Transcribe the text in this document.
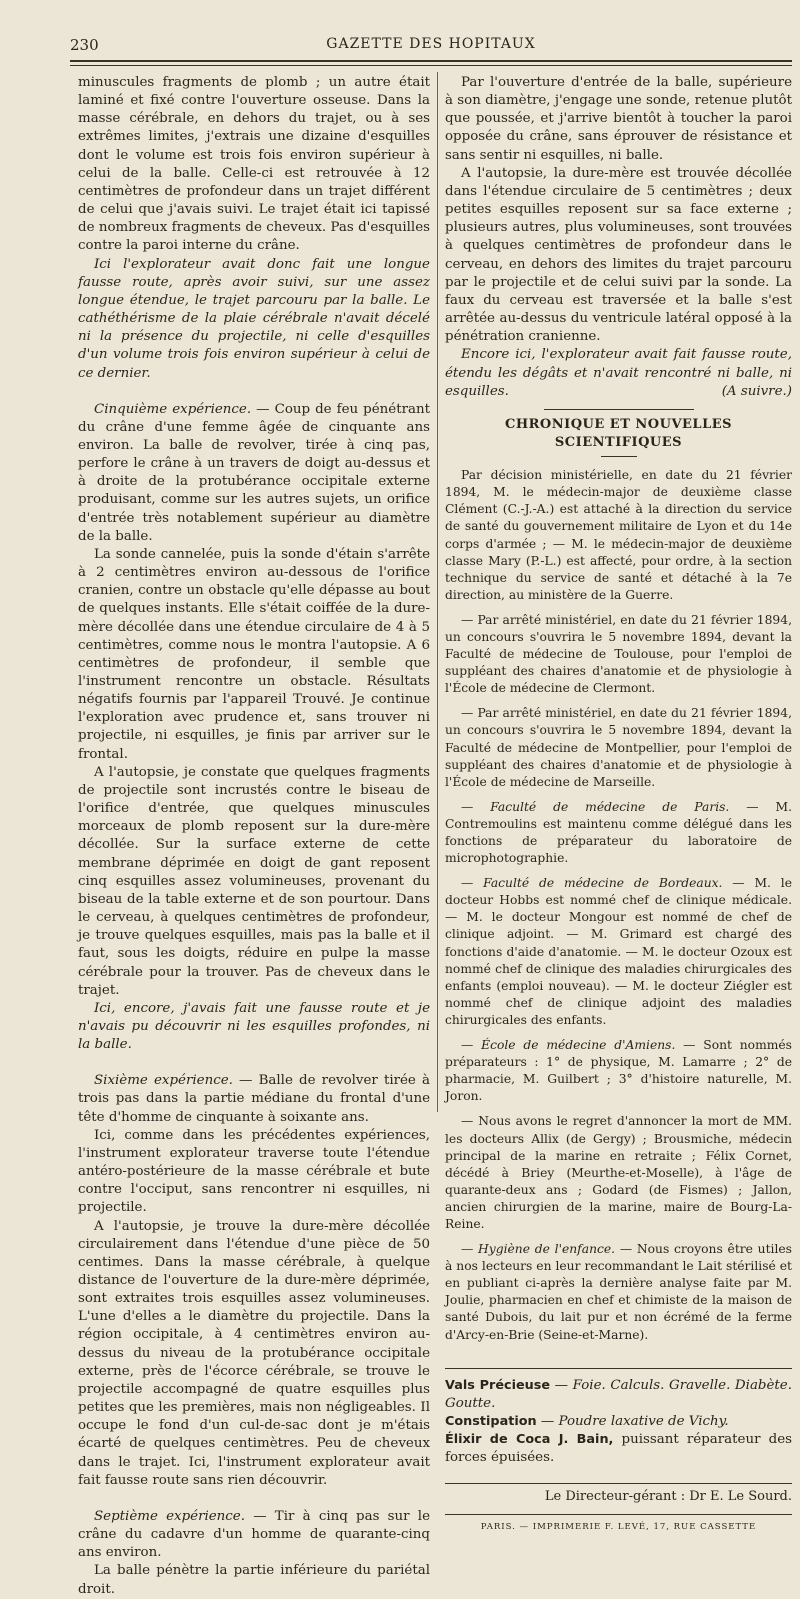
230	GAZETTE DES HOPITAUX

minuscules fragments de plomb ; un autre était laminé et fixé contre l'ouverture osseuse. Dans la masse cérébrale, en dehors du trajet, ou à ses extrêmes limites, j'extrais une dizaine d'esquilles dont le volume est trois fois environ supérieur à celui de la balle. Celle-ci est retrouvée à 12 centimètres de profondeur dans un trajet différent de celui que j'avais suivi. Le trajet était ici tapissé de nombreux fragments de cheveux. Pas d'esquilles contre la paroi interne du crâne.

Ici l'explorateur avait donc fait une longue fausse route, après avoir suivi, sur une assez longue étendue, le trajet parcouru par la balle. Le cathéthérisme de la plaie cérébrale n'avait décelé ni la présence du projectile, ni celle d'esquilles d'un volume trois fois environ supérieur à celui de ce dernier.

Cinquième expérience. — Coup de feu pénétrant du crâne d'une femme âgée de cinquante ans environ. La balle de revolver, tirée à cinq pas, perfore le crâne à un travers de doigt au-dessus et à droite de la protubérance occipitale externe produisant, comme sur les autres sujets, un orifice d'entrée très notablement supérieur au diamètre de la balle.

La sonde cannelée, puis la sonde d'étain s'arrête à 2 centimètres environ au-dessous de l'orifice cranien, contre un obstacle qu'elle dépasse au bout de quelques instants. Elle s'était coiffée de la dure-mère décollée dans une étendue circulaire de 4 à 5 centimètres, comme nous le montra l'autopsie. A 6 centimètres de profondeur, il semble que l'instrument rencontre un obstacle. Résultats négatifs fournis par l'appareil Trouvé. Je continue l'exploration avec prudence et, sans trouver ni projectile, ni esquilles, je finis par arriver sur le frontal.

A l'autopsie, je constate que quelques fragments de projectile sont incrustés contre le biseau de l'orifice d'entrée, que quelques minuscules morceaux de plomb reposent sur la dure-mère décollée. Sur la surface externe de cette membrane déprimée en doigt de gant reposent cinq esquilles assez volumineuses, provenant du biseau de la table externe et de son pourtour. Dans le cerveau, à quelques centimètres de profondeur, je trouve quelques esquilles, mais pas la balle et il faut, sous les doigts, réduire en pulpe la masse cérébrale pour la trouver. Pas de cheveux dans le trajet.

Ici, encore, j'avais fait une fausse route et je n'avais pu découvrir ni les esquilles profondes, ni la balle.

Sixième expérience. — Balle de revolver tirée à trois pas dans la partie médiane du frontal d'une tête d'homme de cinquante à soixante ans.

Ici, comme dans les précédentes expériences, l'instrument explorateur traverse toute l'étendue antéro-postérieure de la masse cérébrale et bute contre l'occiput, sans rencontrer ni esquilles, ni projectile.

A l'autopsie, je trouve la dure-mère décollée circulairement dans l'étendue d'une pièce de 50 centimes. Dans la masse cérébrale, à quelque distance de l'ouverture de la dure-mère déprimée, sont extraites trois esquilles assez volumineuses. L'une d'elles a le diamètre du projectile. Dans la région occipitale, à 4 centimètres environ au-dessus du niveau de la protubérance occipitale externe, près de l'écorce cérébrale, se trouve le projectile accompagné de quatre esquilles plus petites que les premières, mais non négligeables. Il occupe le fond d'un cul-de-sac dont je m'étais écarté de quelques centimètres. Peu de cheveux dans le trajet. Ici, l'instrument explorateur avait fait fausse route sans rien découvrir.

Septième expérience. — Tir à cinq pas sur le crâne du cadavre d'un homme de quarante-cinq ans environ.

La balle pénètre la partie inférieure du pariétal droit.

Par l'ouverture d'entrée de la balle, supérieure à son diamètre, j'engage une sonde, retenue plutôt que poussée, et j'arrive bientôt à toucher la paroi opposée du crâne, sans éprouver de résistance et sans sentir ni esquilles, ni balle.

A l'autopsie, la dure-mère est trouvée décollée dans l'étendue circulaire de 5 centimètres ; deux petites esquilles reposent sur sa face externe ; plusieurs autres, plus volumineuses, sont trouvées à quelques centimètres de profondeur dans le cerveau, en dehors des limites du trajet parcouru par le projectile et de celui suivi par la sonde. La faux du cerveau est traversée et la balle s'est arrêtée au-dessus du ventricule latéral opposé à la pénétration cranienne.

Encore ici, l'explorateur avait fait fausse route, étendu les dégâts et n'avait rencontré ni balle, ni esquilles.	(A suivre.)

CHRONIQUE ET NOUVELLES SCIENTIFIQUES

Par décision ministérielle, en date du 21 février 1894, M. le médecin-major de deuxième classe Clément (C.-J.-A.) est attaché à la direction du service de santé du gouvernement militaire de Lyon et du 14e corps d'armée ; — M. le médecin-major de deuxième classe Mary (P.-L.) est affecté, pour ordre, à la section technique du service de santé et détaché à la 7e direction, au ministère de la Guerre.

— Par arrêté ministériel, en date du 21 février 1894, un concours s'ouvrira le 5 novembre 1894, devant la Faculté de médecine de Toulouse, pour l'emploi de suppléant des chaires d'anatomie et de physiologie à l'École de médecine de Clermont.

— Par arrêté ministériel, en date du 21 février 1894, un concours s'ouvrira le 5 novembre 1894, devant la Faculté de médecine de Montpellier, pour l'emploi de suppléant des chaires d'anatomie et de physiologie à l'École de médecine de Marseille.

— Faculté de médecine de Paris. — M. Contremoulins est maintenu comme délégué dans les fonctions de préparateur du laboratoire de microphotographie.

— Faculté de médecine de Bordeaux. — M. le docteur Hobbs est nommé chef de clinique médicale. — M. le docteur Mongour est nommé de chef de clinique adjoint. — M. Grimard est chargé des fonctions d'aide d'anatomie. — M. le docteur Ozoux est nommé chef de clinique des maladies chirurgicales des enfants (emploi nouveau). — M. le docteur Ziégler est nommé chef de clinique adjoint des maladies chirurgicales des enfants.

— École de médecine d'Amiens. — Sont nommés préparateurs : 1° de physique, M. Lamarre ; 2° de pharmacie, M. Guilbert ; 3° d'histoire naturelle, M. Joron.

— Nous avons le regret d'annoncer la mort de MM. les docteurs Allix (de Gergy) ; Brousmiche, médecin principal de la marine en retraite ; Félix Cornet, décédé à Briey (Meurthe-et-Moselle), à l'âge de quarante-deux ans ; Godard (de Fismes) ; Jallon, ancien chirurgien de la marine, maire de Bourg-La-Reine.

— Hygiène de l'enfance. — Nous croyons être utiles à nos lecteurs en leur recommandant le Lait stérilisé et en publiant ci-après la dernière analyse faite par M. Joulie, pharmacien en chef et chimiste de la maison de santé Dubois, du lait pur et non écrémé de la ferme d'Arcy-en-Brie (Seine-et-Marne).

Vals Précieuse — Foie. Calculs. Gravelle. Diabète. Goutte.

Constipation — Poudre laxative de Vichy.

Élixir de Coca J. Bain, puissant réparateur des forces épuisées.

Le Directeur-gérant : Dr E. Le Sourd.
PARIS. — IMPRIMERIE F. LEVÉ, 17, RUE CASSETTE
